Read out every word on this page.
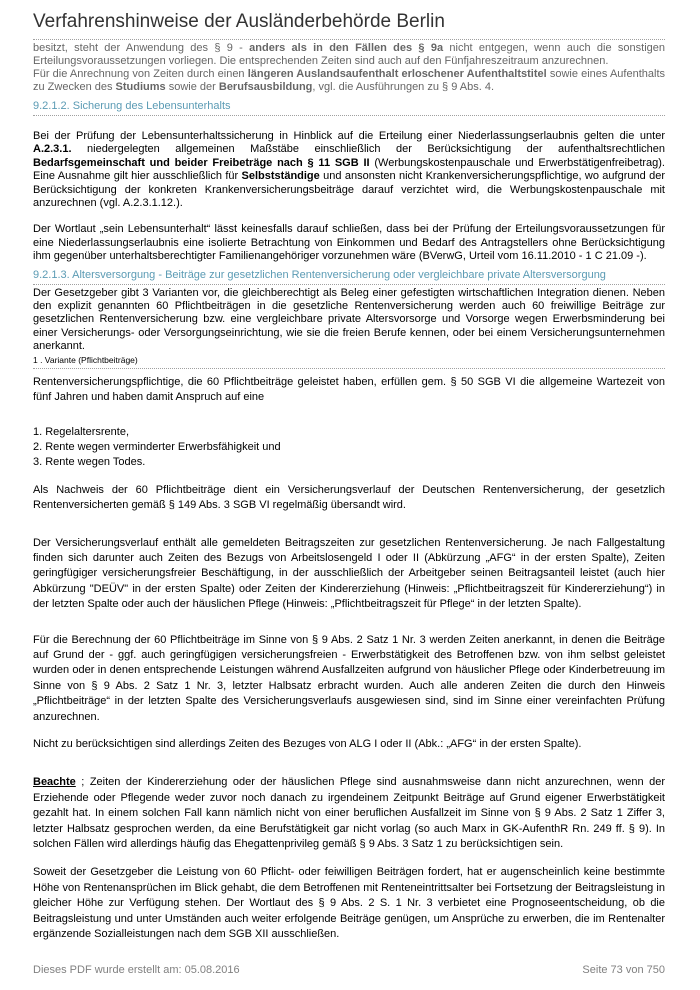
Verfahrenshinweise der Ausländerbehörde Berlin

besitzt, steht der Anwendung des § 9 - anders als in den Fällen des § 9a nicht entgegen, wenn auch die sonstigen Erteilungsvoraussetzungen vorliegen. Die entsprechenden Zeiten sind auch auf den Fünfjahreszeitraum anzurechnen.

Für die Anrechnung von Zeiten durch einen längeren Auslandsaufenthalt erloschener Aufenthaltstitel sowie eines Aufenthalts zu Zwecken des Studiums sowie der Berufsausbildung, vgl. die Ausführungen zu § 9 Abs. 4.

9.2.1.2. Sicherung des Lebensunterhalts

Bei der Prüfung der Lebensunterhaltssicherung in Hinblick auf die Erteilung einer Niederlassungserlaubnis gelten die unter A.2.3.1. niedergelegten allgemeinen Maßstäbe einschließlich der Berücksichtigung der aufenthaltsrechtlichen Bedarfsgemeinschaft und beider Freibeträge nach § 11 SGB II (Werbungskostenpauschale und Erwerbstätigenfreibetrag). Eine Ausnahme gilt hier ausschließlich für Selbstständige und ansonsten nicht Krankenversicherungspflichtige, wo aufgrund der Berücksichtigung der konkreten Krankenversicherungsbeiträge darauf verzichtet wird, die Werbungskostenpauschale mit anzurechnen (vgl. A.2.3.1.12.).

Der Wortlaut „sein Lebensunterhalt“ lässt keinesfalls darauf schließen, dass bei der Prüfung der Erteilungsvoraussetzungen für eine Niederlassungserlaubnis eine isolierte Betrachtung von Einkommen und Bedarf des Antragstellers ohne Berücksichtigung ihm gegenüber unterhaltsberechtigter Familienangehöriger vorzunehmen wäre (BVerwG, Urteil vom 16.11.2010 - 1 C 21.09 -).

9.2.1.3. Altersversorgung - Beiträge zur gesetzlichen Rentenversicherung oder vergleichbare private Altersversorgung

Der Gesetzgeber gibt 3 Varianten vor, die gleichberechtigt als Beleg einer gefestigten wirtschaftlichen Integration dienen. Neben den explizit genannten 60 Pflichtbeiträgen in die gesetzliche Rentenversicherung werden auch 60 freiwillige Beiträge zur gesetzlichen Rentenversicherung bzw. eine vergleichbare private Altersvorsorge und Vorsorge wegen Erwerbsminderung bei einer Versicherungs- oder Versorgungseinrichtung, wie sie die freien Berufe kennen, oder bei einem Versicherungsunternehmen anerkannt.

1 . Variante (Pflichtbeiträge)

Rentenversicherungspflichtige, die 60 Pflichtbeiträge geleistet haben, erfüllen gem. § 50 SGB VI die allgemeine Wartezeit von fünf Jahren und haben damit Anspruch auf eine

1. Regelaltersrente,
2. Rente wegen verminderter Erwerbsfähigkeit und
3. Rente wegen Todes.

Als Nachweis der 60 Pflichtbeiträge dient ein Versicherungsverlauf der Deutschen Rentenversicherung, der gesetzlich Rentenversicherten gemäß § 149 Abs. 3 SGB VI regelmäßig übersandt wird.

Der Versicherungsverlauf enthält alle gemeldeten Beitragszeiten zur gesetzlichen Rentenversicherung. Je nach Fallgestaltung finden sich darunter auch Zeiten des Bezugs von Arbeitslosengeld I oder II (Abkürzung „AFG“ in der ersten Spalte), Zeiten geringfügiger versicherungsfreier Beschäftigung, in der ausschließlich der Arbeitgeber seinen Beitragsanteil leistet (auch hier Abkürzung "DEÜV" in der ersten Spalte) oder Zeiten der Kindererziehung (Hinweis: „Pflichtbeitragszeit für Kindererziehung“) in der letzten Spalte oder auch der häuslichen Pflege (Hinweis: „Pflichtbeitragszeit für Pflege“ in der letzten Spalte).

Für die Berechnung der 60 Pflichtbeiträge im Sinne von § 9 Abs. 2 Satz 1 Nr. 3 werden Zeiten anerkannt, in denen die Beiträge auf Grund der - ggf. auch geringfügigen versicherungsfreien - Erwerbstätigkeit des Betroffenen bzw. von ihm selbst geleistet wurden oder in denen entsprechende Leistungen während Ausfallzeiten aufgrund von häuslicher Pflege oder Kinderbetreuung im Sinne von § 9 Abs. 2 Satz 1 Nr. 3, letzter Halbsatz erbracht wurden. Auch alle anderen Zeiten die durch den Hinweis „Pflichtbeiträge“ in der letzten Spalte des Versicherungsverlaufs ausgewiesen sind, sind im Sinne einer vereinfachten Prüfung anzurechnen.

Nicht zu berücksichtigen sind allerdings Zeiten des Bezuges von ALG I oder II (Abk.: „AFG“ in der ersten Spalte).

Beachte ; Zeiten der Kindererziehung oder der häuslichen Pflege sind ausnahmsweise dann nicht anzurechnen, wenn der Erziehende oder Pflegende weder zuvor noch danach zu irgendeinem Zeitpunkt Beiträge auf Grund eigener Erwerbstätigkeit gezahlt hat. In einem solchen Fall kann nämlich nicht von einer beruflichen Ausfallzeit im Sinne von § 9 Abs. 2 Satz 1 Ziffer 3, letzter Halbsatz gesprochen werden, da eine Berufstätigkeit gar nicht vorlag (so auch Marx in GK-AufenthR Rn. 249 ff. § 9). In solchen Fällen wird allerdings häufig das Ehegattenprivileg gemäß § 9 Abs. 3 Satz 1 zu berücksichtigen sein.

Soweit der Gesetzgeber die Leistung von 60 Pflicht- oder feiwilligen Beiträgen fordert, hat er augenscheinlich keine bestimmte Höhe von Rentenansprüchen im Blick gehabt, die dem Betroffenen mit Renteneintrittsalter bei Fortsetzung der Beitragsleistung in gleicher Höhe zur Verfügung stehen. Der Wortlaut des § 9 Abs. 2 S. 1 Nr. 3 verbietet eine Prognoseentscheidung, ob die Beitragsleistung und unter Umständen auch weiter erfolgende Beiträge genügen, um Ansprüche zu erwerben, die im Rentenalter ergänzende Sozialleistungen nach dem SGB XII ausschließen.

Dieses PDF wurde erstellt am: 05.08.2016	Seite 73 von 750
